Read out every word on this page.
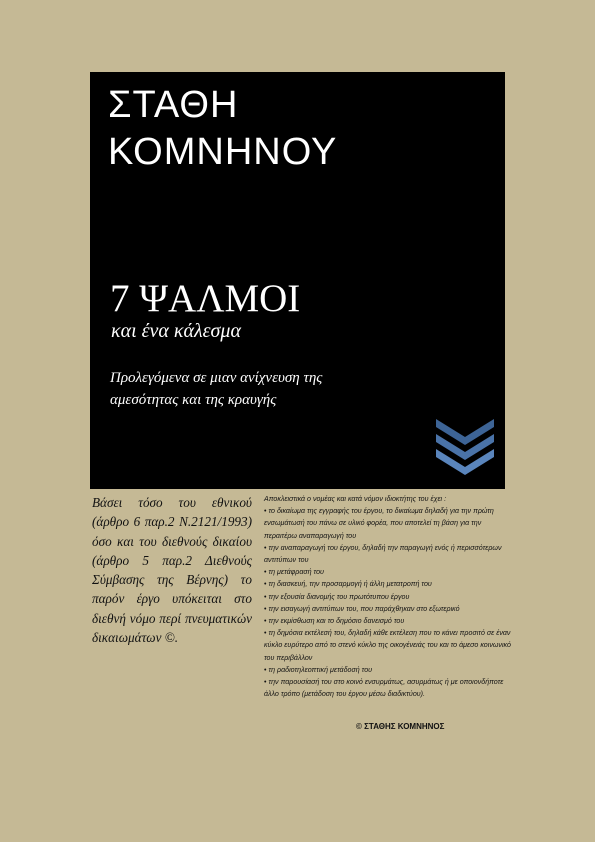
ΣΤΑΘΗ
ΚΟΜΝΗΝΟΥ
7 ΨΑΛΜΟΙ
και ένα κάλεσμα
Προλεγόμενα σε μιαν ανίχνευση της
αμεσότητας και της κραυγής
Βάσει τόσο του εθνικού (άρθρο 6 παρ.2 Ν.2121/1993) όσο και του διεθνούς δικαίου (άρθρο 5 παρ.2 Διεθνούς Σύμβασης της Βέρνης) το παρόν έργο υπόκειται στο διεθνή νόμο περί πνευματικών δικαιωμάτων ©.

Αποκλειστικά ο νομέας και κατά νόμον ιδιοκτήτης του έχει :

• το δικαίωμα της εγγραφής του έργου, το δικαίωμα δηλαδή για την πρώτη ενσωμάτωσή του πάνω σε υλικό φορέα, που αποτελεί τη βάση για την περαιτέρω αναπαραγωγή του
• την αναπαραγωγή του έργου, δηλαδή την παραγωγή ενός ή περισσότερων αντιτύπων του
• τη μετάφρασή του
• τη διασκευή, την προσαρμογή ή άλλη μετατροπή του
• την εξουσία διανομής του πρωτότυπου έργου
• την εισαγωγή αντιτύπων του, που παράχθηκαν στο εξωτερικό
• την εκμίσθωση και το δημόσιο δανεισμό του
• τη δημόσια εκτέλεσή του, δηλαδή κάθε εκτέλεση που το κάνει προσιτό σε έναν κύκλο ευρύτερο από το στενό κύκλο της οικογένειάς του και το άμεσο κοινωνικό του περιβάλλον
• τη ραδιοτηλεοπτική μετάδοσή του
• την παρουσίασή του στο κοινό ενσυρμάτως, ασυρμάτως ή με οποιονδήποτε άλλο τρόπο (μετάδοση του έργου μέσω διαδικτύου).
© ΣΤΑΘΗΣ ΚΟΜΝΗΝΟΣ
